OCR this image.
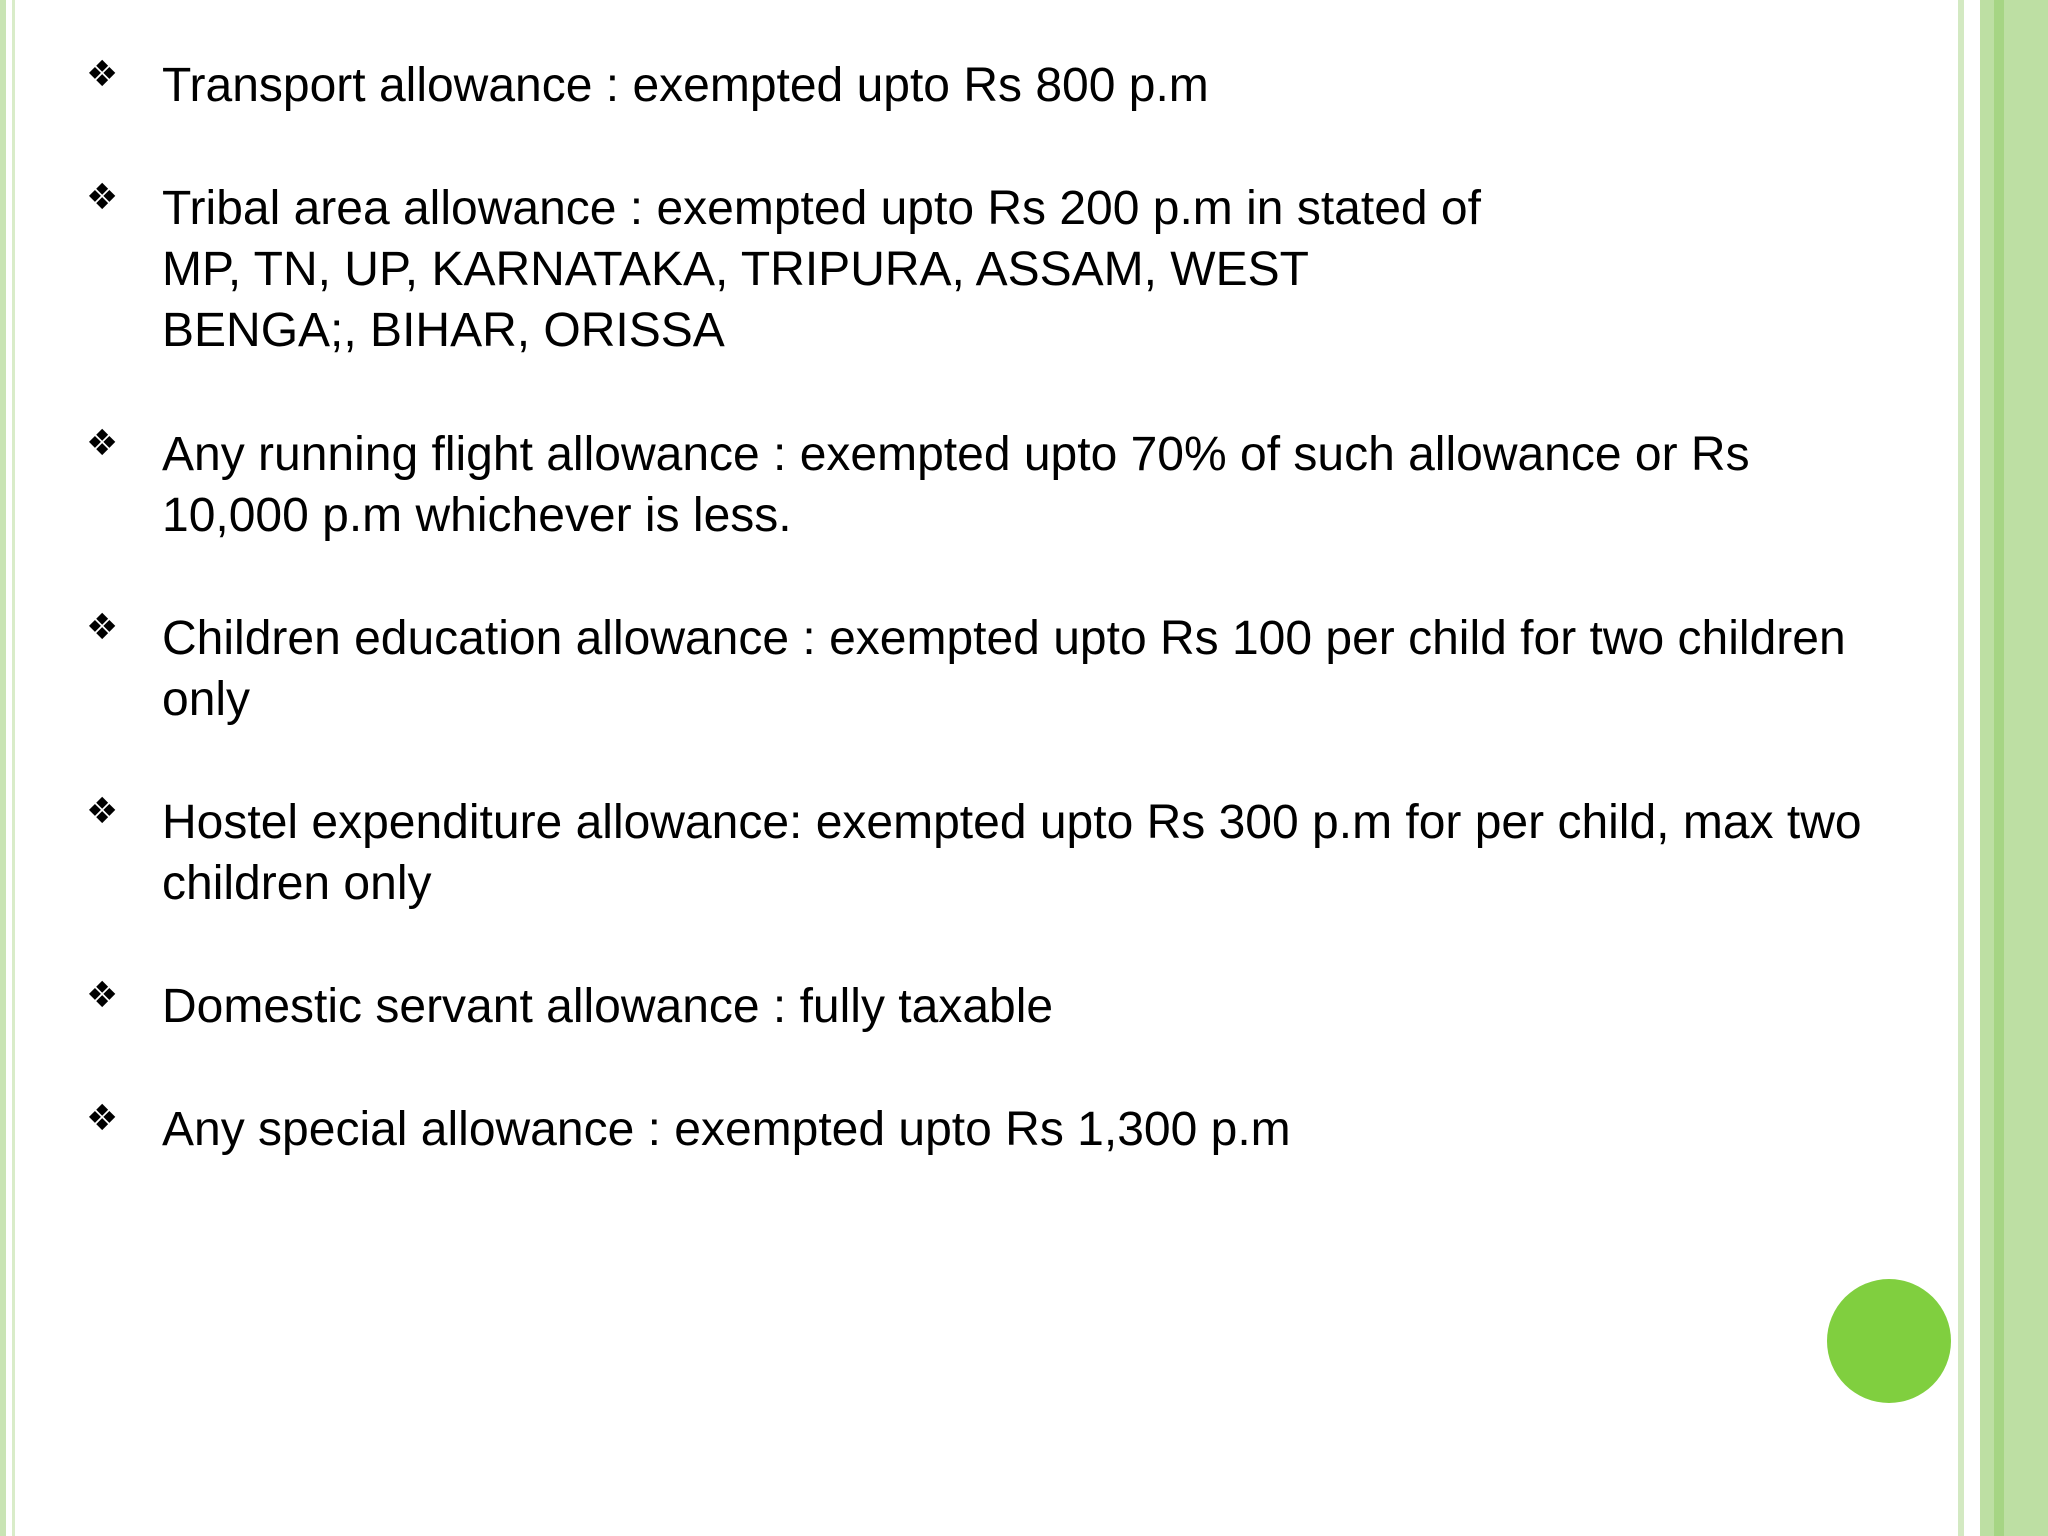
❖ Transport allowance : exempted upto Rs 800 p.m
❖ Tribal area allowance : exempted upto Rs 200 p.m in stated of
MP, TN, UP, KARNATAKA, TRIPURA, ASSAM, WEST
BENGA;, BIHAR, ORISSA
❖ Any running flight allowance : exempted upto 70% of such allowance or Rs
10,000 p.m whichever is less.
❖ Children education allowance : exempted upto Rs 100 per child for two children
only
❖ Hostel expenditure allowance: exempted upto Rs 300 p.m for per child, max two
children only
❖ Domestic servant allowance : fully taxable
❖ Any special allowance : exempted upto Rs 1,300 p.m
